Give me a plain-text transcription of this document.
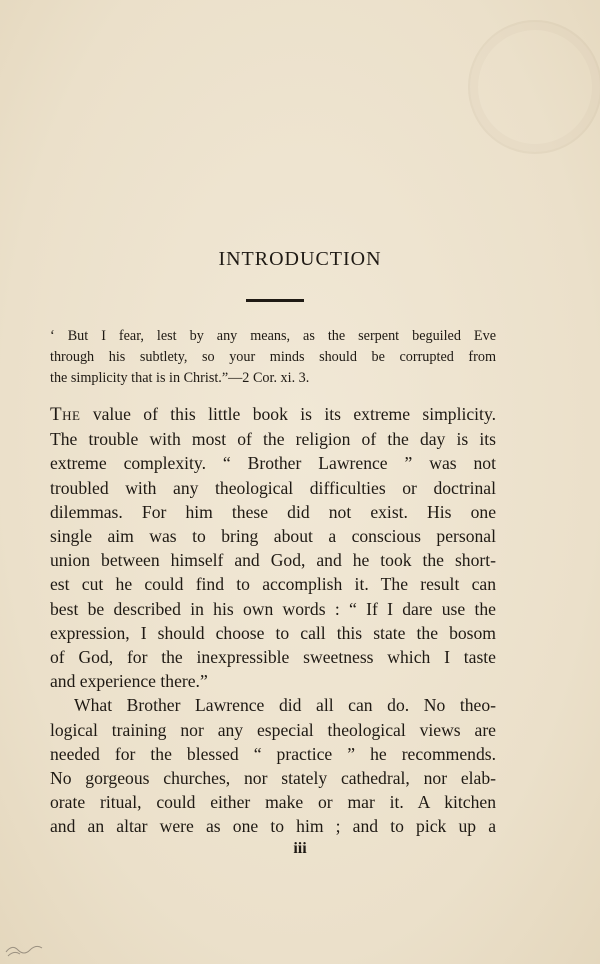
INTRODUCTION
‘ But I fear, lest by any means, as the serpent beguiled Eve
through his subtlety, so your minds should be corrupted from
the simplicity that is in Christ.”—2 Cor. xi. 3.
The value of this little book is its extreme simplicity.
The trouble with most of the religion of the day is its
extreme complexity. “ Brother Lawrence ” was not
troubled with any theological difficulties or doctrinal
dilemmas. For him these did not exist. His one
single aim was to bring about a conscious personal
union between himself and God, and he took the short-
est cut he could find to accomplish it. The result can
best be described in his own words : “ If I dare use the
expression, I should choose to call this state the bosom
of God, for the inexpressible sweetness which I taste
and experience there.”
What Brother Lawrence did all can do. No theo-
logical training nor any especial theological views are
needed for the blessed “ practice ” he recommends.
No gorgeous churches, nor stately cathedral, nor elab-
orate ritual, could either make or mar it. A kitchen
and an altar were as one to him ; and to pick up a
iii
